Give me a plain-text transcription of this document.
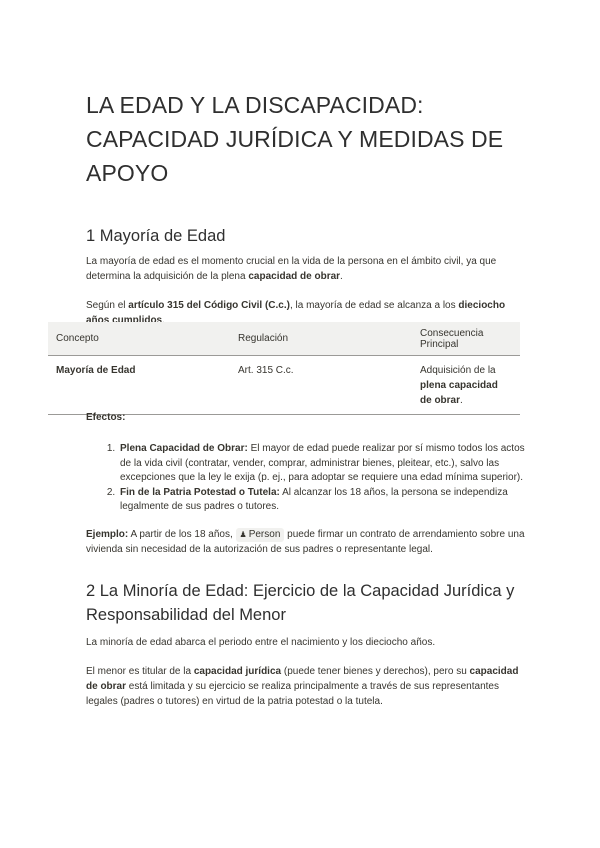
LA EDAD Y LA DISCAPACIDAD: CAPACIDAD JURÍDICA Y MEDIDAS DE APOYO
1 Mayoría de Edad

La mayoría de edad es el momento crucial en la vida de la persona en el ámbito civil, ya que determina la adquisición de la plena capacidad de obrar.

Según el artículo 315 del Código Civil (C.c.), la mayoría de edad se alcanza a los dieciocho años cumplidos.

Concepto	Regulación	Consecuencia Principal
Mayoría de Edad	Art. 315 C.c.	Adquisición de la plena capacidad de obrar.

Efectos:

1. Plena Capacidad de Obrar: El mayor de edad puede realizar por sí mismo todos los actos de la vida civil (contratar, vender, comprar, administrar bienes, pleitear, etc.), salvo las excepciones que la ley le exija (p. ej., para adoptar se requiere una edad mínima superior).
2. Fin de la Patria Potestad o Tutela: Al alcanzar los 18 años, la persona se independiza legalmente de sus padres o tutores.

Ejemplo: A partir de los 18 años, ♟ Person puede firmar un contrato de arrendamiento sobre una vivienda sin necesidad de la autorización de sus padres o representante legal.

2 La Minoría de Edad: Ejercicio de la Capacidad Jurídica y Responsabilidad del Menor

La minoría de edad abarca el periodo entre el nacimiento y los dieciocho años.

El menor es titular de la capacidad jurídica (puede tener bienes y derechos), pero su capacidad de obrar está limitada y su ejercicio se realiza principalmente a través de sus representantes legales (padres o tutores) en virtud de la patria potestad o la tutela.
